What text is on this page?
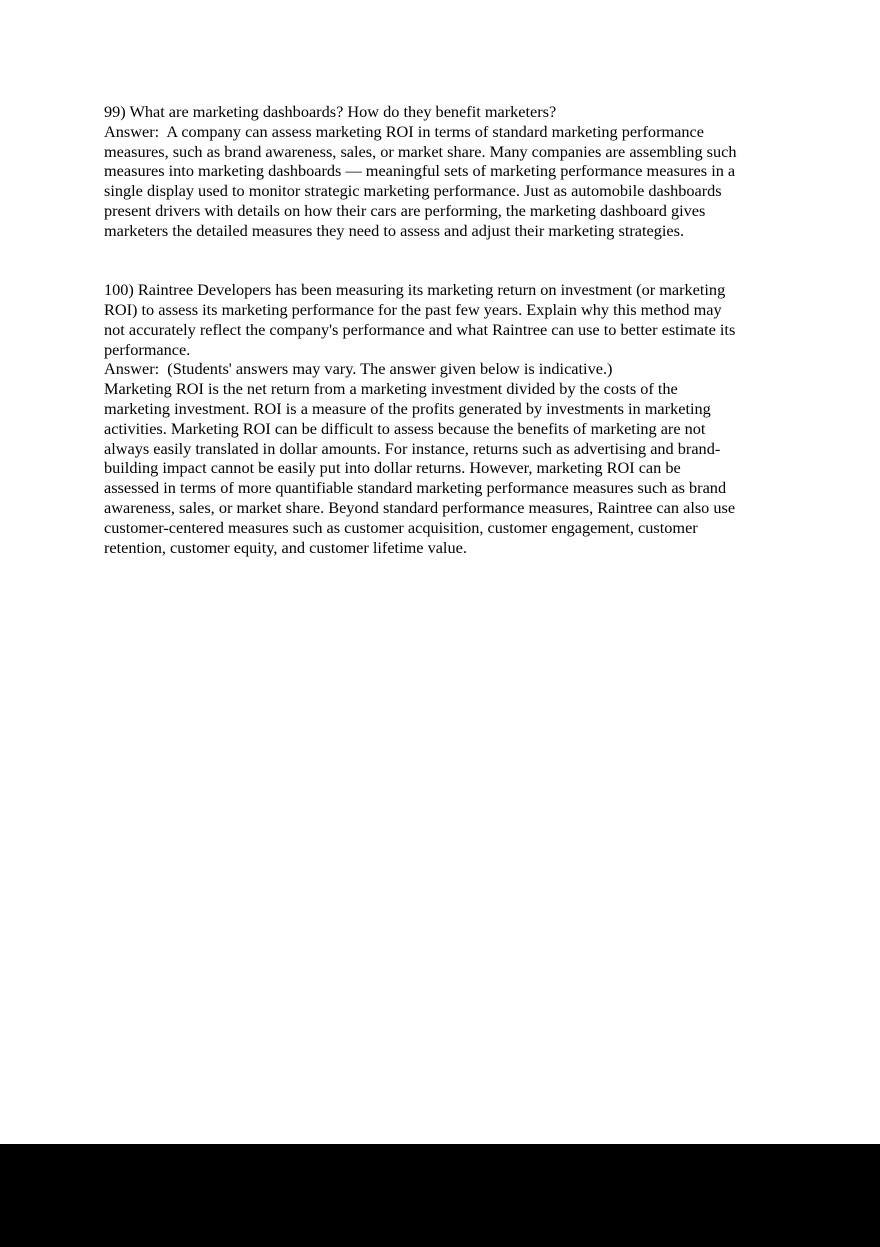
99) What are marketing dashboards? How do they benefit marketers?
Answer:  A company can assess marketing ROI in terms of standard marketing performance
measures, such as brand awareness, sales, or market share. Many companies are assembling such
measures into marketing dashboards — meaningful sets of marketing performance measures in a
single display used to monitor strategic marketing performance. Just as automobile dashboards
present drivers with details on how their cars are performing, the marketing dashboard gives
marketers the detailed measures they need to assess and adjust their marketing strategies.
100) Raintree Developers has been measuring its marketing return on investment (or marketing
ROI) to assess its marketing performance for the past few years. Explain why this method may
not accurately reflect the company's performance and what Raintree can use to better estimate its
performance.
Answer:  (Students' answers may vary. The answer given below is indicative.)
Marketing ROI is the net return from a marketing investment divided by the costs of the
marketing investment. ROI is a measure of the profits generated by investments in marketing
activities. Marketing ROI can be difficult to assess because the benefits of marketing are not
always easily translated in dollar amounts. For instance, returns such as advertising and brand-
building impact cannot be easily put into dollar returns. However, marketing ROI can be
assessed in terms of more quantifiable standard marketing performance measures such as brand
awareness, sales, or market share. Beyond standard performance measures, Raintree can also use
customer-centered measures such as customer acquisition, customer engagement, customer
retention, customer equity, and customer lifetime value.
